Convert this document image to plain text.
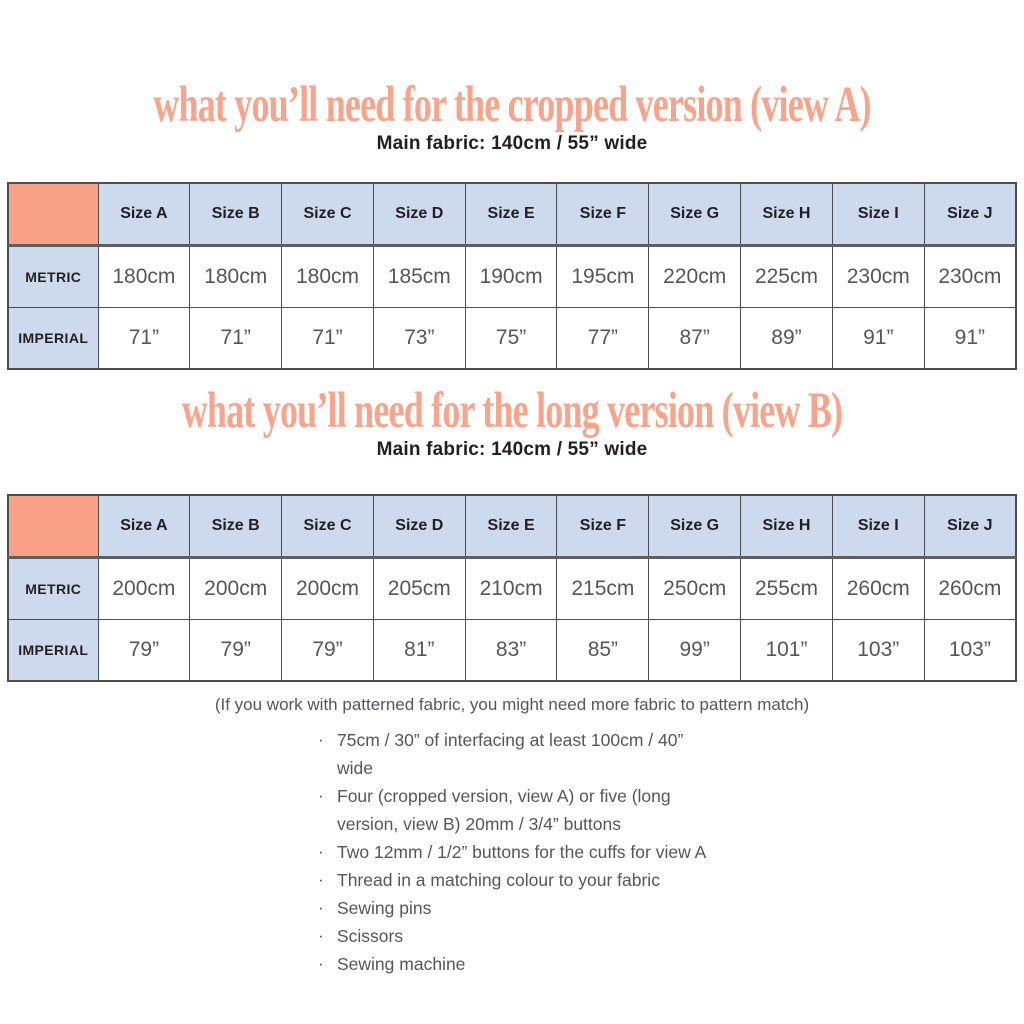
what you’ll need for the cropped version (view A)
Main fabric: 140cm / 55” wide
	Size A	Size B	Size C	Size D	Size E	Size F	Size G	Size H	Size I	Size J
METRIC	180cm	180cm	180cm	185cm	190cm	195cm	220cm	225cm	230cm	230cm
IMPERIAL	71”	71”	71”	73”	75”	77”	87”	89”	91”	91”
what you’ll need for the long version (view B)
Main fabric: 140cm / 55” wide
	Size A	Size B	Size C	Size D	Size E	Size F	Size G	Size H	Size I	Size J
METRIC	200cm	200cm	200cm	205cm	210cm	215cm	250cm	255cm	260cm	260cm
IMPERIAL	79”	79”	79”	81”	83”	85”	99”	101”	103”	103”
(If you work with patterned fabric, you might need more fabric to pattern match)
· 75cm / 30” of interfacing at least 100cm / 40”
wide
· Four (cropped version, view A) or five (long
version, view B) 20mm / 3/4” buttons
· Two 12mm / 1/2” buttons for the cuffs for view A
· Thread in a matching colour to your fabric
· Sewing pins
· Scissors
· Sewing machine
